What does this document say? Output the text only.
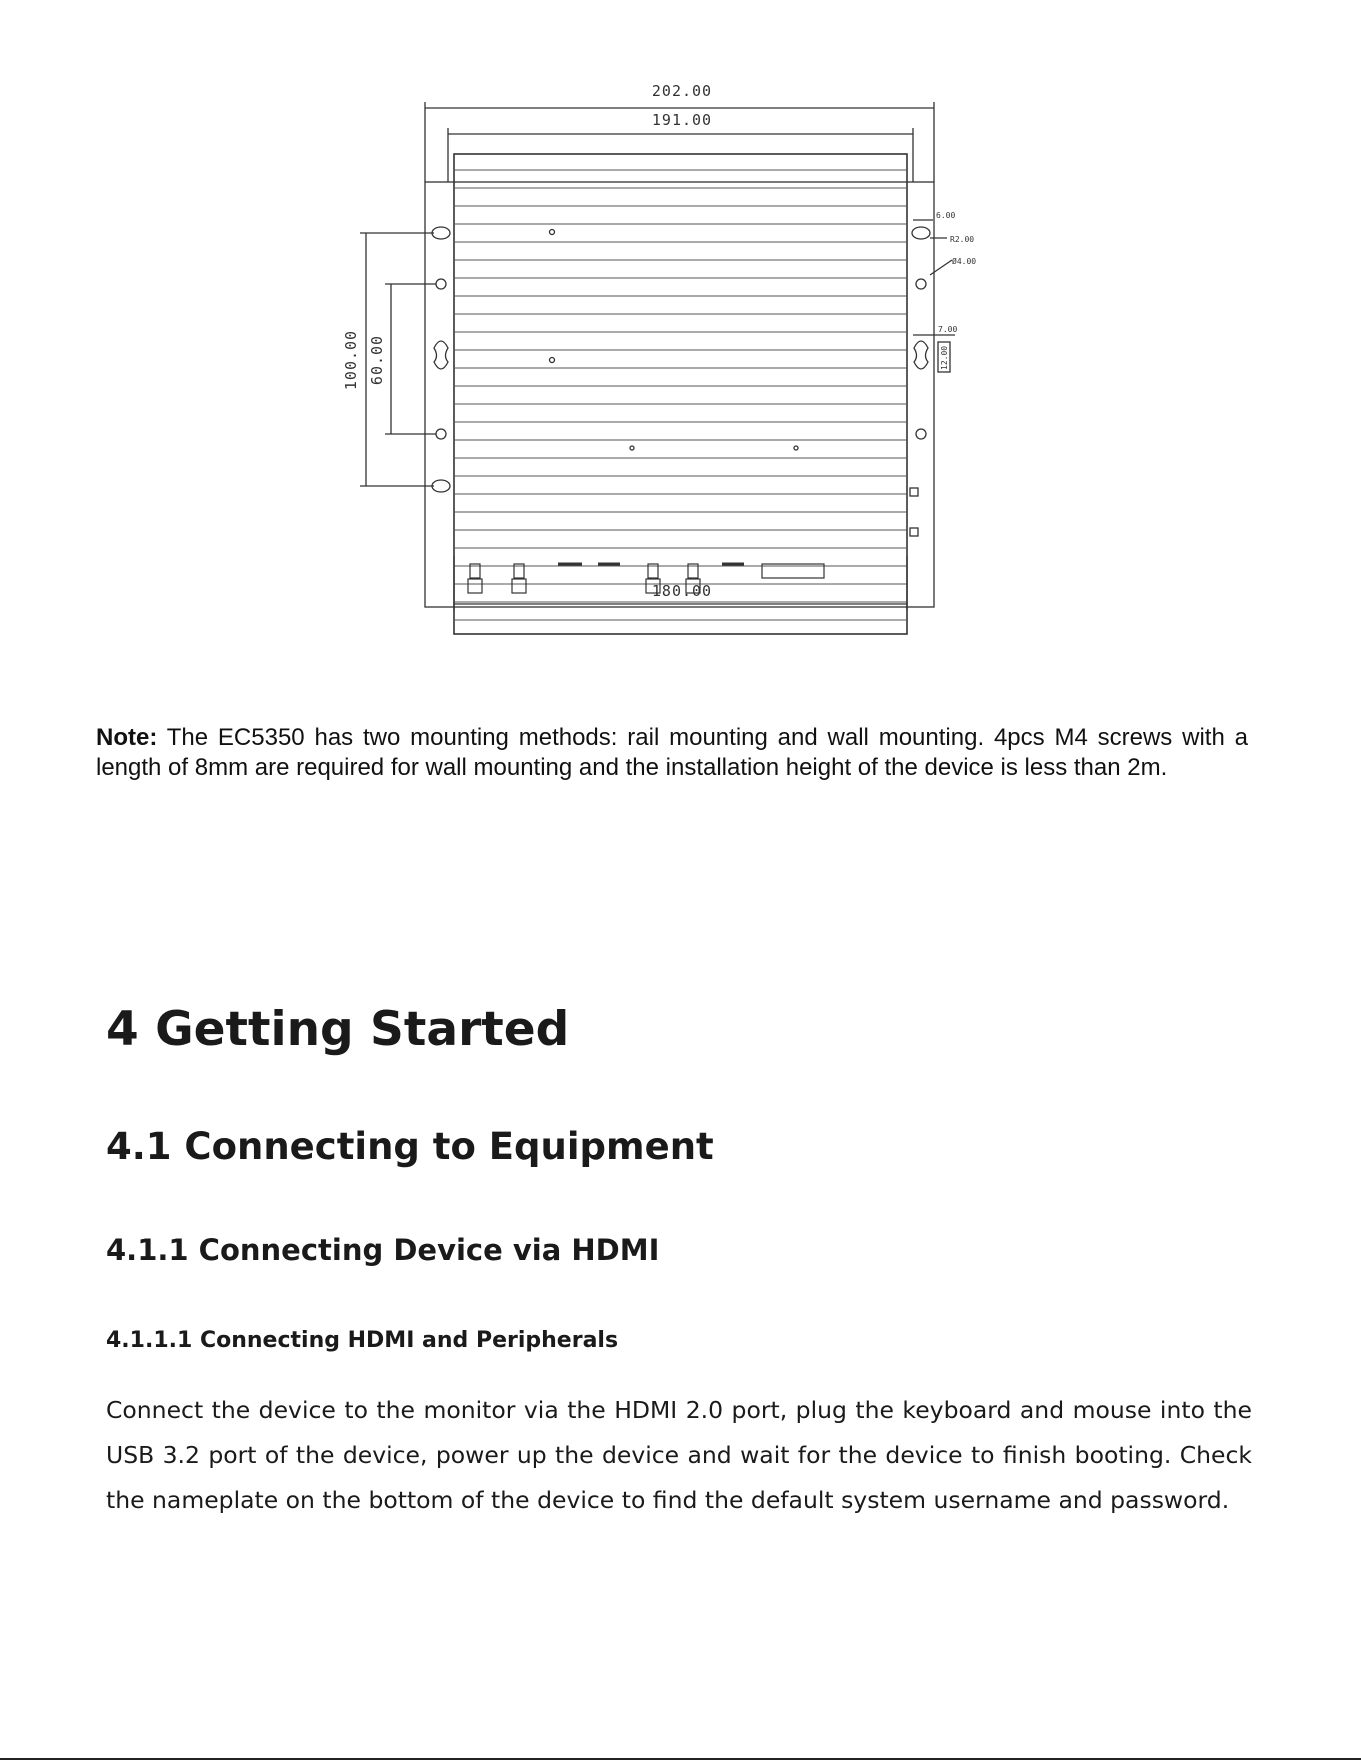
202.00
191.00
180.00
100.00 60.00
6.00
R2.00
Ø4.00
7.00
12.00
Note: The EC5350 has two mounting methods: rail mounting and wall mounting. 4pcs M4 screws with a length of 8mm are required for wall mounting and the installation height of the device is less than 2m.
4 Getting Started
4.1 Connecting to Equipment
4.1.1 Connecting Device via HDMI
4.1.1.1 Connecting HDMI and Peripherals
Connect the device to the monitor via the HDMI 2.0 port, plug the keyboard and mouse into the USB 3.2 port of the device, power up the device and wait for the device to finish booting. Check the nameplate on the bottom of the device to find the default system username and password.
